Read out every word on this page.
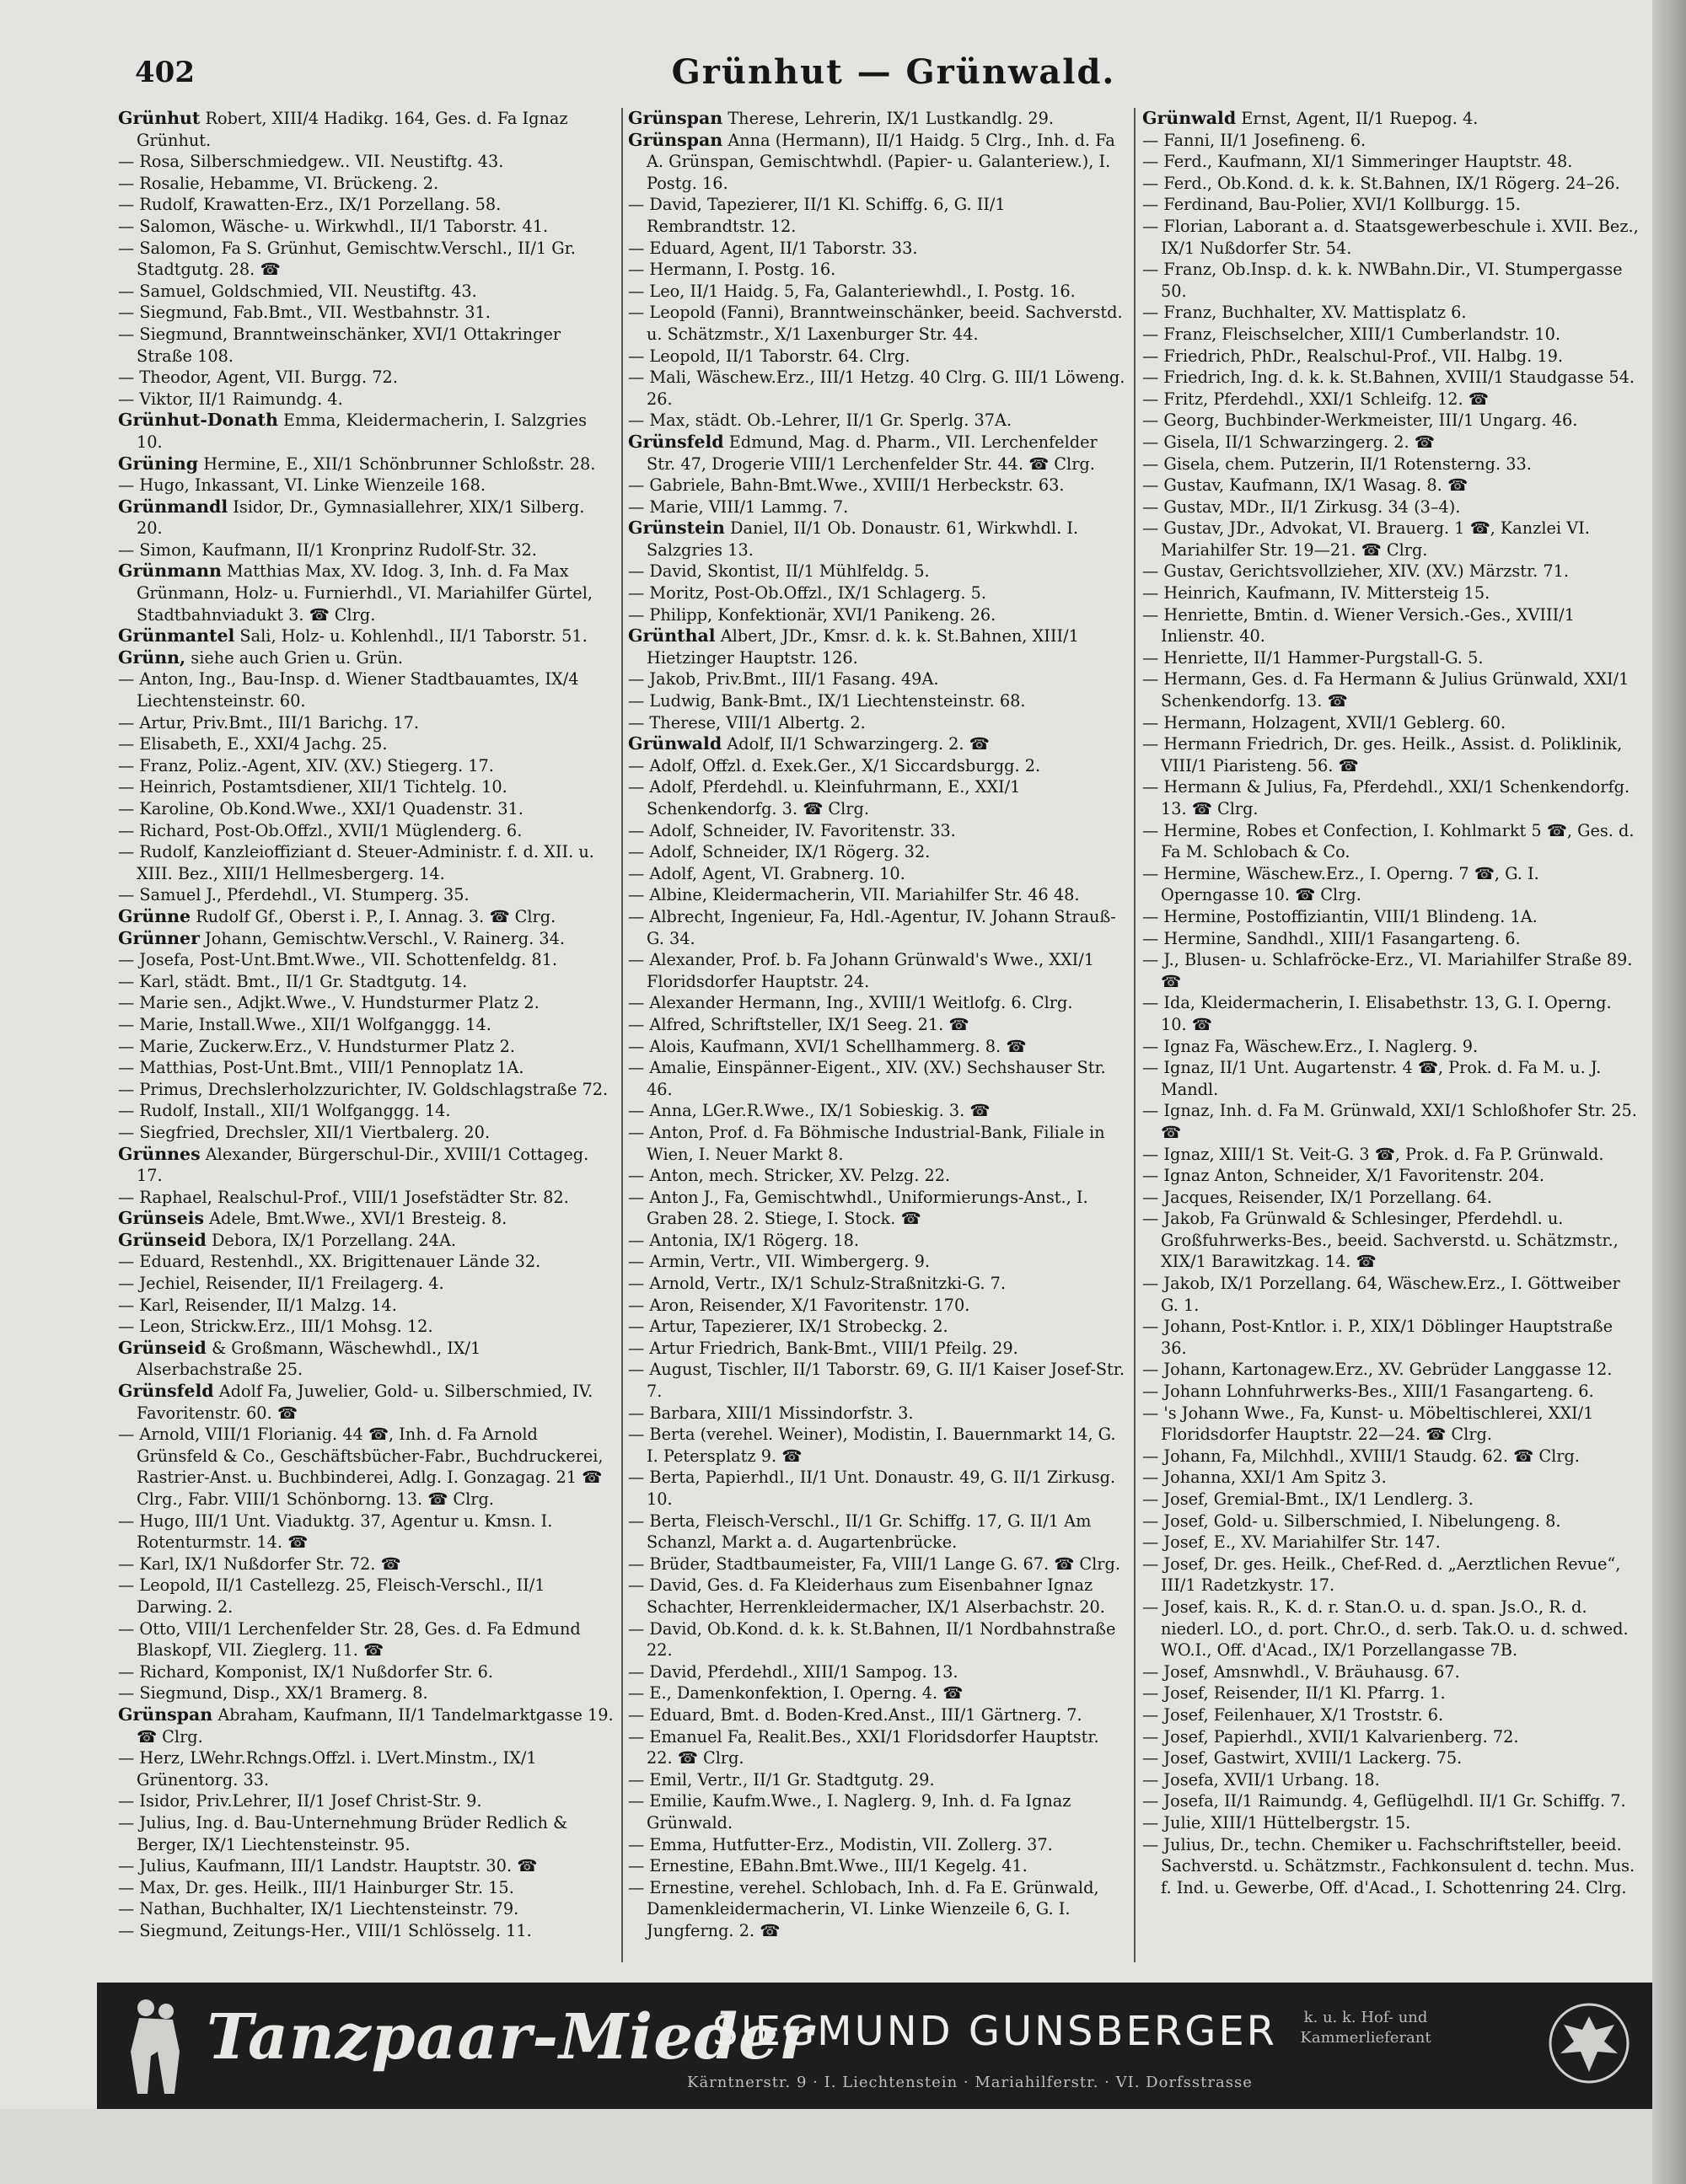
402	Grünhut — Grünwald.

Grünhut Robert, XIII/4 Hadikg. 164, Ges. d. Fa Ignaz Grünhut.

— Rosa, Silberschmiedgew.. VII. Neustiftg. 43.

— Rosalie, Hebamme, VI. Brückeng. 2.

— Rudolf, Krawatten-Erz., IX/1 Porzellang. 58.

— Salomon, Wäsche- u. Wirkwhdl., II/1 Taborstr. 41.

— Salomon, Fa S. Grünhut, Gemischtw.Verschl., II/1 Gr. Stadtgutg. 28. ☎

— Samuel, Goldschmied, VII. Neustiftg. 43.

— Siegmund, Fab.Bmt., VII. Westbahnstr. 31.

— Siegmund, Branntweinschänker, XVI/1 Ottakringer Straße 108.

— Theodor, Agent, VII. Burgg. 72.

— Viktor, II/1 Raimundg. 4.

Grünhut-Donath Emma, Kleidermacherin, I. Salzgries 10.

Grüning Hermine, E., XII/1 Schönbrunner Schloßstr. 28.

— Hugo, Inkassant, VI. Linke Wienzeile 168.

Grünmandl Isidor, Dr., Gymnasiallehrer, XIX/1 Silberg. 20.

— Simon, Kaufmann, II/1 Kronprinz Rudolf-Str. 32.

Grünmann Matthias Max, XV. Idog. 3, Inh. d. Fa Max Grünmann, Holz- u. Furnierhdl., VI. Mariahilfer Gürtel, Stadtbahnviadukt 3. ☎ Clrg.

Grünmantel Sali, Holz- u. Kohlenhdl., II/1 Taborstr. 51.

Grünn, siehe auch Grien u. Grün.

— Anton, Ing., Bau-Insp. d. Wiener Stadtbauamtes, IX/4 Liechtensteinstr. 60.

— Artur, Priv.Bmt., III/1 Barichg. 17.

— Elisabeth, E., XXI/4 Jachg. 25.

— Franz, Poliz.-Agent, XIV. (XV.) Stiegerg. 17.

— Heinrich, Postamtsdiener, XII/1 Tichtelg. 10.

— Karoline, Ob.Kond.Wwe., XXI/1 Quadenstr. 31.

— Richard, Post-Ob.Offzl., XVII/1 Müglenderg. 6.

— Rudolf, Kanzleioffiziant d. Steuer-Administr. f. d. XII. u. XIII. Bez., XIII/1 Hellmesbergerg. 14.

— Samuel J., Pferdehdl., VI. Stumperg. 35.

Grünne Rudolf Gf., Oberst i. P., I. Annag. 3. ☎ Clrg.

Grünner Johann, Gemischtw.Verschl., V. Rainerg. 34.

— Josefa, Post-Unt.Bmt.Wwe., VII. Schottenfeldg. 81.

— Karl, städt. Bmt., II/1 Gr. Stadtgutg. 14.

— Marie sen., Adjkt.Wwe., V. Hundsturmer Platz 2.

— Marie, Install.Wwe., XII/1 Wolfganggg. 14.

— Marie, Zuckerw.Erz., V. Hundsturmer Platz 2.

— Matthias, Post-Unt.Bmt., VIII/1 Pennoplatz 1A.

— Primus, Drechslerholzzurichter, IV. Goldschlagstraße 72.

— Rudolf, Install., XII/1 Wolfganggg. 14.

— Siegfried, Drechsler, XII/1 Viertbalerg. 20.

Grünnes Alexander, Bürgerschul-Dir., XVIII/1 Cottageg. 17.

— Raphael, Realschul-Prof., VIII/1 Josefstädter Str. 82.

Grünseis Adele, Bmt.Wwe., XVI/1 Bresteig. 8.

Grünseid Debora, IX/1 Porzellang. 24A.

— Eduard, Restenhdl., XX. Brigittenauer Lände 32.

— Jechiel, Reisender, II/1 Freilagerg. 4.

— Karl, Reisender, II/1 Malzg. 14.

— Leon, Strickw.Erz., III/1 Mohsg. 12.

Grünseid & Großmann, Wäschewhdl., IX/1 Alserbachstraße 25.

Grünsfeld Adolf Fa, Juwelier, Gold- u. Silberschmied, IV. Favoritenstr. 60. ☎

— Arnold, VIII/1 Florianig. 44 ☎, Inh. d. Fa Arnold Grünsfeld & Co., Geschäftsbücher-Fabr., Buchdruckerei, Rastrier-Anst. u. Buchbinderei, Adlg. I. Gonzagag. 21 ☎ Clrg., Fabr. VIII/1 Schönborng. 13. ☎ Clrg.

— Hugo, III/1 Unt. Viaduktg. 37, Agentur u. Kmsn. I. Rotenturmstr. 14. ☎

— Karl, IX/1 Nußdorfer Str. 72. ☎

— Leopold, II/1 Castellezg. 25, Fleisch-Verschl., II/1 Darwing. 2.

— Otto, VIII/1 Lerchenfelder Str. 28, Ges. d. Fa Edmund Blaskopf, VII. Zieglerg. 11. ☎

— Richard, Komponist, IX/1 Nußdorfer Str. 6.

— Siegmund, Disp., XX/1 Bramerg. 8.

Grünspan Abraham, Kaufmann, II/1 Tandelmarktgasse 19. ☎ Clrg.

— Herz, LWehr.Rchngs.Offzl. i. LVert.Minstm., IX/1 Grünentorg. 33.

— Isidor, Priv.Lehrer, II/1 Josef Christ-Str. 9.

— Julius, Ing. d. Bau-Unternehmung Brüder Redlich & Berger, IX/1 Liechtensteinstr. 95.

— Julius, Kaufmann, III/1 Landstr. Hauptstr. 30. ☎

— Max, Dr. ges. Heilk., III/1 Hainburger Str. 15.

— Nathan, Buchhalter, IX/1 Liechtensteinstr. 79.

— Siegmund, Zeitungs-Her., VIII/1 Schlösselg. 11.

Grünspan Therese, Lehrerin, IX/1 Lustkandlg. 29.

Grünspan Anna (Hermann), II/1 Haidg. 5 Clrg., Inh. d. Fa A. Grünspan, Gemischtwhdl. (Papier- u. Galanteriew.), I. Postg. 16.

— David, Tapezierer, II/1 Kl. Schiffg. 6, G. II/1 Rembrandtstr. 12.

— Eduard, Agent, II/1 Taborstr. 33.

— Hermann, I. Postg. 16.

— Leo, II/1 Haidg. 5, Fa, Galanteriewhdl., I. Postg. 16.

— Leopold (Fanni), Branntweinschänker, beeid. Sachverstd. u. Schätzmstr., X/1 Laxenburger Str. 44.

— Leopold, II/1 Taborstr. 64. Clrg.

— Mali, Wäschew.Erz., III/1 Hetzg. 40 Clrg. G. III/1 Löweng. 26.

— Max, städt. Ob.-Lehrer, II/1 Gr. Sperlg. 37A.

Grünsfeld Edmund, Mag. d. Pharm., VII. Lerchenfelder Str. 47, Drogerie VIII/1 Lerchenfelder Str. 44. ☎ Clrg.

— Gabriele, Bahn-Bmt.Wwe., XVIII/1 Herbeckstr. 63.

— Marie, VIII/1 Lammg. 7.

Grünstein Daniel, II/1 Ob. Donaustr. 61, Wirkwhdl. I. Salzgries 13.

— David, Skontist, II/1 Mühlfeldg. 5.

— Moritz, Post-Ob.Offzl., IX/1 Schlagerg. 5.

— Philipp, Konfektionär, XVI/1 Panikeng. 26.

Grünthal Albert, JDr., Kmsr. d. k. k. St.Bahnen, XIII/1 Hietzinger Hauptstr. 126.

— Jakob, Priv.Bmt., III/1 Fasang. 49A.

— Ludwig, Bank-Bmt., IX/1 Liechtensteinstr. 68.

— Therese, VIII/1 Albertg. 2.

Grünwald Adolf, II/1 Schwarzingerg. 2. ☎

— Adolf, Offzl. d. Exek.Ger., X/1 Siccardsburgg. 2.

— Adolf, Pferdehdl. u. Kleinfuhrmann, E., XXI/1 Schenkendorfg. 3. ☎ Clrg.

— Adolf, Schneider, IV. Favoritenstr. 33.

— Adolf, Schneider, IX/1 Rögerg. 32.

— Adolf, Agent, VI. Grabnerg. 10.

— Albine, Kleidermacherin, VII. Mariahilfer Str. 46 48.

— Albrecht, Ingenieur, Fa, Hdl.-Agentur, IV. Johann Strauß-G. 34.

— Alexander, Prof. b. Fa Johann Grünwald's Wwe., XXI/1 Floridsdorfer Hauptstr. 24.

— Alexander Hermann, Ing., XVIII/1 Weitlofg. 6. Clrg.

— Alfred, Schriftsteller, IX/1 Seeg. 21. ☎

— Alois, Kaufmann, XVI/1 Schellhammerg. 8. ☎

— Amalie, Einspänner-Eigent., XIV. (XV.) Sechshauser Str. 46.

— Anna, LGer.R.Wwe., IX/1 Sobieskig. 3. ☎

— Anton, Prof. d. Fa Böhmische Industrial-Bank, Filiale in Wien, I. Neuer Markt 8.

— Anton, mech. Stricker, XV. Pelzg. 22.

— Anton J., Fa, Gemischtwhdl., Uniformierungs-Anst., I. Graben 28. 2. Stiege, I. Stock. ☎

— Antonia, IX/1 Rögerg. 18.

— Armin, Vertr., VII. Wimbergerg. 9.

— Arnold, Vertr., IX/1 Schulz-Straßnitzki-G. 7.

— Aron, Reisender, X/1 Favoritenstr. 170.

— Artur, Tapezierer, IX/1 Strobeckg. 2.

— Artur Friedrich, Bank-Bmt., VIII/1 Pfeilg. 29.

— August, Tischler, II/1 Taborstr. 69, G. II/1 Kaiser Josef-Str. 7.

— Barbara, XIII/1 Missindorfstr. 3.

— Berta (verehel. Weiner), Modistin, I. Bauernmarkt 14, G. I. Petersplatz 9. ☎

— Berta, Papierhdl., II/1 Unt. Donaustr. 49, G. II/1 Zirkusg. 10.

— Berta, Fleisch-Verschl., II/1 Gr. Schiffg. 17, G. II/1 Am Schanzl, Markt a. d. Augartenbrücke.

— Brüder, Stadtbaumeister, Fa, VIII/1 Lange G. 67. ☎ Clrg.

— David, Ges. d. Fa Kleiderhaus zum Eisenbahner Ignaz Schachter, Herrenkleidermacher, IX/1 Alserbachstr. 20.

— David, Ob.Kond. d. k. k. St.Bahnen, II/1 Nordbahnstraße 22.

— David, Pferdehdl., XIII/1 Sampog. 13.

— E., Damenkonfektion, I. Operng. 4. ☎

— Eduard, Bmt. d. Boden-Kred.Anst., III/1 Gärtnerg. 7.

— Emanuel Fa, Realit.Bes., XXI/1 Floridsdorfer Hauptstr. 22. ☎ Clrg.

— Emil, Vertr., II/1 Gr. Stadtgutg. 29.

— Emilie, Kaufm.Wwe., I. Naglerg. 9, Inh. d. Fa Ignaz Grünwald.

— Emma, Hutfutter-Erz., Modistin, VII. Zollerg. 37.

— Ernestine, EBahn.Bmt.Wwe., III/1 Kegelg. 41.

— Ernestine, verehel. Schlobach, Inh. d. Fa E. Grünwald, Damenkleidermacherin, VI. Linke Wienzeile 6, G. I. Jungferng. 2. ☎

Grünwald Ernst, Agent, II/1 Ruepog. 4.

— Fanni, II/1 Josefineng. 6.

— Ferd., Kaufmann, XI/1 Simmeringer Hauptstr. 48.

— Ferd., Ob.Kond. d. k. k. St.Bahnen, IX/1 Rögerg. 24–26.

— Ferdinand, Bau-Polier, XVI/1 Kollburgg. 15.

— Florian, Laborant a. d. Staatsgewerbeschule i. XVII. Bez., IX/1 Nußdorfer Str. 54.

— Franz, Ob.Insp. d. k. k. NWBahn.Dir., VI. Stumpergasse 50.

— Franz, Buchhalter, XV. Mattisplatz 6.

— Franz, Fleischselcher, XIII/1 Cumberlandstr. 10.

— Friedrich, PhDr., Realschul-Prof., VII. Halbg. 19.

— Friedrich, Ing. d. k. k. St.Bahnen, XVIII/1 Staudgasse 54.

— Fritz, Pferdehdl., XXI/1 Schleifg. 12. ☎

— Georg, Buchbinder-Werkmeister, III/1 Ungarg. 46.

— Gisela, II/1 Schwarzingerg. 2. ☎

— Gisela, chem. Putzerin, II/1 Rotensterng. 33.

— Gustav, Kaufmann, IX/1 Wasag. 8. ☎

— Gustav, MDr., II/1 Zirkusg. 34 (3–4).

— Gustav, JDr., Advokat, VI. Brauerg. 1 ☎, Kanzlei VI. Mariahilfer Str. 19—21. ☎ Clrg.

— Gustav, Gerichtsvollzieher, XIV. (XV.) Märzstr. 71.

— Heinrich, Kaufmann, IV. Mittersteig 15.

— Henriette, Bmtin. d. Wiener Versich.-Ges., XVIII/1 Inlienstr. 40.

— Henriette, II/1 Hammer-Purgstall-G. 5.

— Hermann, Ges. d. Fa Hermann & Julius Grünwald, XXI/1 Schenkendorfg. 13. ☎

— Hermann, Holzagent, XVII/1 Geblerg. 60.

— Hermann Friedrich, Dr. ges. Heilk., Assist. d. Poliklinik, VIII/1 Piaristeng. 56. ☎

— Hermann & Julius, Fa, Pferdehdl., XXI/1 Schenkendorfg. 13. ☎ Clrg.

— Hermine, Robes et Confection, I. Kohlmarkt 5 ☎, Ges. d. Fa M. Schlobach & Co.

— Hermine, Wäschew.Erz., I. Operng. 7 ☎, G. I. Operngasse 10. ☎ Clrg.

— Hermine, Postoffiziantin, VIII/1 Blindeng. 1A.

— Hermine, Sandhdl., XIII/1 Fasangarteng. 6.

— J., Blusen- u. Schlafröcke-Erz., VI. Mariahilfer Straße 89. ☎

— Ida, Kleidermacherin, I. Elisabethstr. 13, G. I. Operng. 10. ☎

— Ignaz Fa, Wäschew.Erz., I. Naglerg. 9.

— Ignaz, II/1 Unt. Augartenstr. 4 ☎, Prok. d. Fa M. u. J. Mandl.

— Ignaz, Inh. d. Fa M. Grünwald, XXI/1 Schloßhofer Str. 25. ☎

— Ignaz, XIII/1 St. Veit-G. 3 ☎, Prok. d. Fa P. Grünwald.

— Ignaz Anton, Schneider, X/1 Favoritenstr. 204.

— Jacques, Reisender, IX/1 Porzellang. 64.

— Jakob, Fa Grünwald & Schlesinger, Pferdehdl. u. Großfuhrwerks-Bes., beeid. Sachverstd. u. Schätzmstr., XIX/1 Barawitzkag. 14. ☎

— Jakob, IX/1 Porzellang. 64, Wäschew.Erz., I. Göttweiber G. 1.

— Johann, Post-Kntlor. i. P., XIX/1 Döblinger Hauptstraße 36.

— Johann, Kartonagew.Erz., XV. Gebrüder Langgasse 12.

— Johann Lohnfuhrwerks-Bes., XIII/1 Fasangarteng. 6.

— 's Johann Wwe., Fa, Kunst- u. Möbeltischlerei, XXI/1 Floridsdorfer Hauptstr. 22—24. ☎ Clrg.

— Johann, Fa, Milchhdl., XVIII/1 Staudg. 62. ☎ Clrg.

— Johanna, XXI/1 Am Spitz 3.

— Josef, Gremial-Bmt., IX/1 Lendlerg. 3.

— Josef, Gold- u. Silberschmied, I. Nibelungeng. 8.

— Josef, E., XV. Mariahilfer Str. 147.

— Josef, Dr. ges. Heilk., Chef-Red. d. „Aerztlichen Revue“, III/1 Radetzkystr. 17.

— Josef, kais. R., K. d. r. Stan.O. u. d. span. Js.O., R. d. niederl. LO., d. port. Chr.O., d. serb. Tak.O. u. d. schwed. WO.I., Off. d'Acad., IX/1 Porzellangasse 7B.

— Josef, Amsnwhdl., V. Bräuhausg. 67.

— Josef, Reisender, II/1 Kl. Pfarrg. 1.

— Josef, Feilenhauer, X/1 Troststr. 6.

— Josef, Papierhdl., XVII/1 Kalvarienberg. 72.

— Josef, Gastwirt, XVIII/1 Lackerg. 75.

— Josefa, XVII/1 Urbang. 18.

— Josefa, II/1 Raimundg. 4, Geflügelhdl. II/1 Gr. Schiffg. 7.

— Julie, XIII/1 Hüttelbergstr. 15.

— Julius, Dr., techn. Chemiker u. Fachschriftsteller, beeid. Sachverstd. u. Schätzmstr., Fachkonsulent d. techn. Mus. f. Ind. u. Gewerbe, Off. d'Acad., I. Schottenring 24. Clrg.

Tanzpaar-Mieder
SIEGMUND GUNSBERGER	k. u. k. Hof- und Kammerlieferant
Kärntnerstr. 9 · I. Liechtenstein · Mariahilferstr. · VI. Dorfsstrasse
